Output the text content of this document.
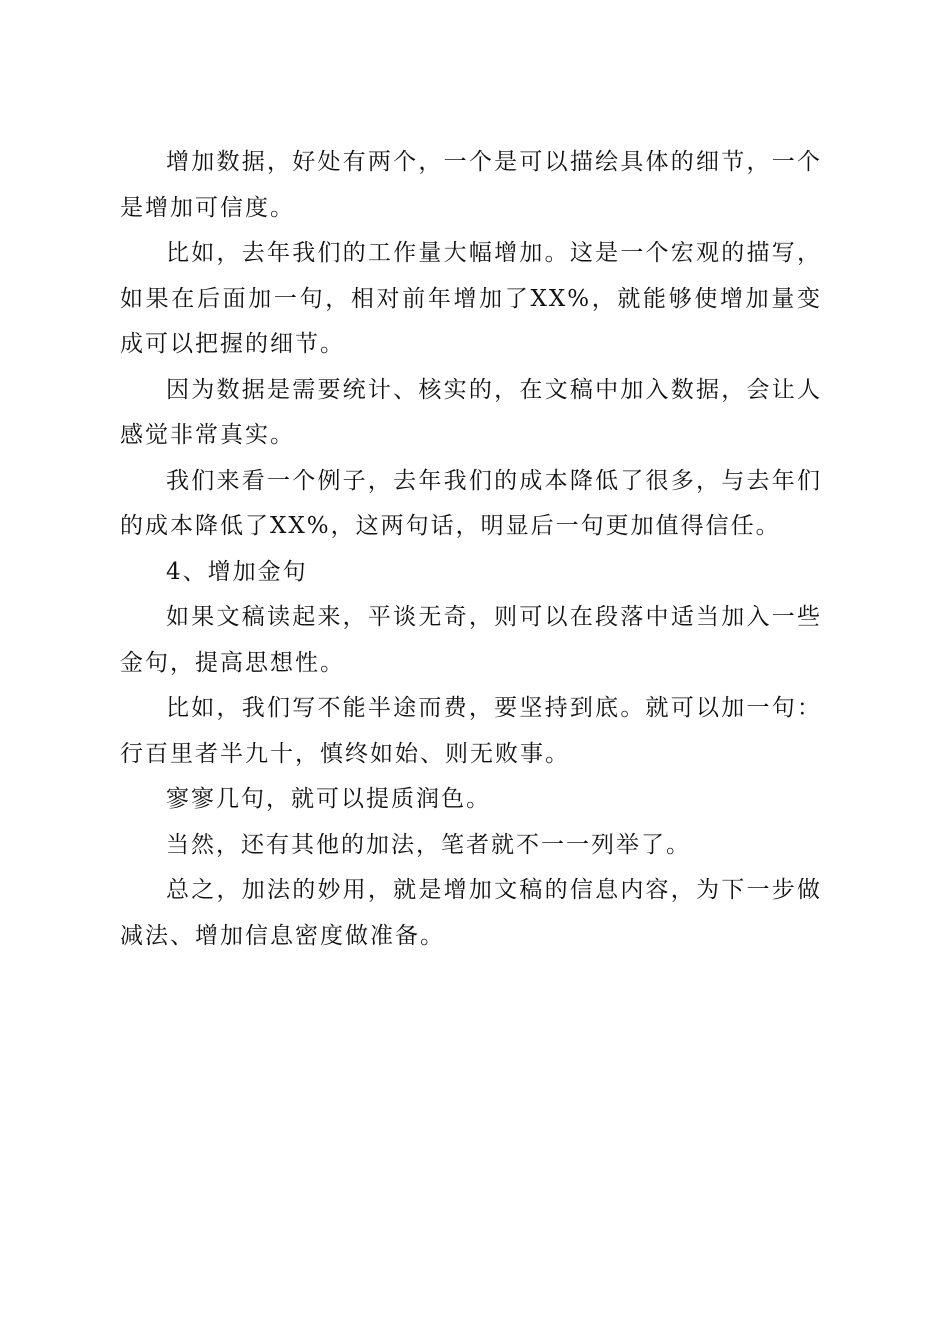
增加数据，好处有两个，一个是可以描绘具体的细节，一个是增加可信度。

比如，去年我们的工作量大幅增加。这是一个宏观的描写，如果在后面加一句，相对前年增加了XX%，就能够使增加量变成可以把握的细节。

因为数据是需要统计、核实的，在文稿中加入数据，会让人感觉非常真实。

我们来看一个例子，去年我们的成本降低了很多，与去年们的成本降低了XX%，这两句话，明显后一句更加值得信任。

4、增加金句

如果文稿读起来，平谈无奇，则可以在段落中适当加入一些金句，提高思想性。

比如，我们写不能半途而费，要坚持到底。就可以加一句：行百里者半九十，慎终如始、则无败事。

寥寥几句，就可以提质润色。

当然，还有其他的加法，笔者就不一一列举了。

总之，加法的妙用，就是增加文稿的信息内容，为下一步做减法、增加信息密度做准备。
